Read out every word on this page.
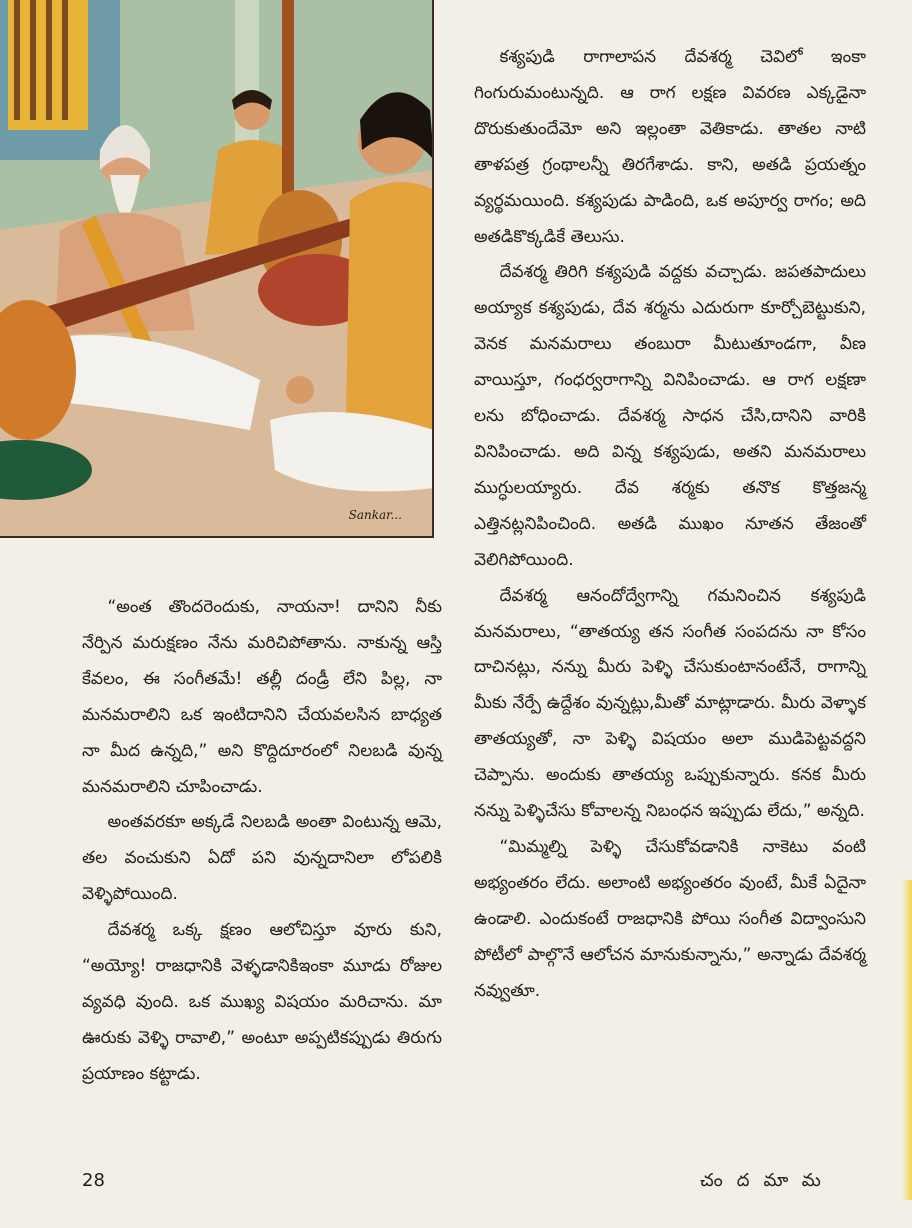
Sankar...

కశ్యపుడి రాగాలాపన దేవశర్మ చెవిలో ఇంకా గింగురుమంటున్నది. ఆ రాగ లక్షణ వివరణ ఎక్కడైనా దొరుకుతుందేమో అని ఇల్లంతా వెతికాడు. తాతల నాటి తాళపత్ర గ్రంథాలన్నీ తిరగేశాడు. కాని, అతడి ప్రయత్నం వ్యర్థమయింది. కశ్యపుడు పాడింది, ఒక అపూర్వ రాగం; అది అతడికొక్కడికే తెలుసు.

దేవశర్మ తిరిగి కశ్యపుడి వద్దకు వచ్చాడు. జపతపాదులు అయ్యాక కశ్యపుడు, దేవ శర్మను ఎదురుగా కూర్చోబెట్టుకుని, వెనక మనమరాలు తంబురా మీటుతూండగా, వీణ వాయిస్తూ, గంధర్వరాగాన్ని వినిపించాడు. ఆ రాగ లక్షణా లను బోధించాడు. దేవశర్మ సాధన చేసి,దానిని వారికి వినిపించాడు. అది విన్న కశ్యపుడు, అతని మనమరాలు ముగ్ధులయ్యారు. దేవ శర్మకు తనొక కొత్తజన్మ ఎత్తినట్లనిపించింది. అతడి ముఖం నూతన తేజంతో వెలిగిపోయింది.

దేవశర్మ ఆనందోద్వేగాన్ని గమనించిన కశ్యపుడి మనమరాలు, “తాతయ్య తన సంగీత సంపదను నా కోసం దాచినట్లు, నన్ను మీరు పెళ్ళి చేసుకుంటానంటేనే, రాగాన్ని మీకు నేర్పే ఉద్దేశం వున్నట్లు,మీతో మాట్లాడారు. మీరు వెళ్ళాక తాతయ్యతో, నా పెళ్ళి విషయం అలా ముడిపెట్టవద్దని చెప్పాను. అందుకు తాతయ్య ఒప్పుకున్నారు. కనక మీరు నన్ను పెళ్ళిచేసు కోవాలన్న నిబంధన ఇప్పుడు లేదు,” అన్నది.

“మిమ్మల్ని పెళ్ళి చేసుకోవడానికి నాకెటు వంటి అభ్యంతరం లేదు. అలాంటి అభ్యంతరం వుంటే, మీకే ఏదైనా ఉండాలి. ఎందుకంటే రాజధానికి పోయి సంగీత విద్వాంసుని పోటీలో పాల్గొనే ఆలోచన మానుకున్నాను,” అన్నాడు దేవశర్మ నవ్వుతూ.

“అంత తొందరెందుకు, నాయనా! దానిని నీకు నేర్పిన మరుక్షణం నేను మరిచిపోతాను. నాకున్న ఆస్తి కేవలం, ఈ సంగీతమే! తల్లీ దండ్రీ లేని పిల్ల, నా మనమరాలిని ఒక ఇంటిదానిని చేయవలసిన బాధ్యత నా మీద ఉన్నది,” అని కొద్దిదూరంలో నిలబడి వున్న మనమరాలిని చూపించాడు.

అంతవరకూ అక్కడే నిలబడి అంతా వింటున్న ఆమె, తల వంచుకుని ఏదో పని వున్నదానిలా లోపలికి వెళ్ళిపోయింది.

దేవశర్మ ఒక్క క్షణం ఆలోచిస్తూ వూరు కుని, “అయ్యో! రాజధానికి వెళ్ళడానికిఇంకా మూడు రోజుల వ్యవధి వుంది. ఒక ముఖ్య విషయం మరిచాను. మా ఊరుకు వెళ్ళి రావాలి,” అంటూ అప్పటికప్పుడు తిరుగు ప్రయాణం కట్టాడు.

28	చందమామ
